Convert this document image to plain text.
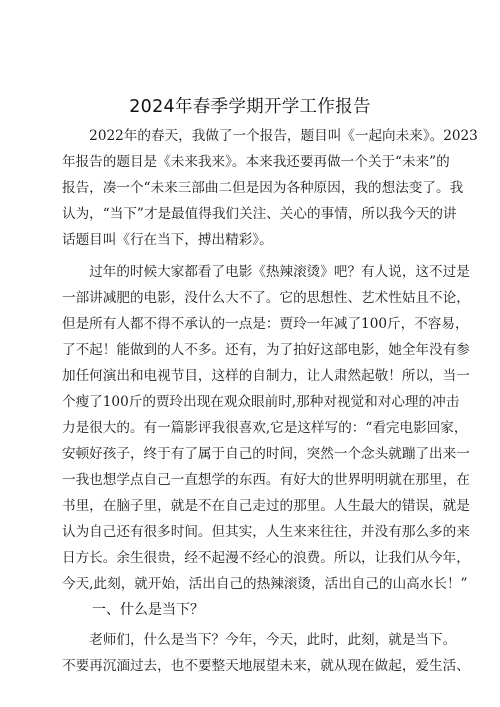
2024年春季学期开学工作报告
　　2022年的春天，我做了一个报告，题目叫《一起向未来》。2023
年报告的题目是《未来我来》。本来我还要再做一个关于“未来”的
报告，凑一个“未来三部曲二但是因为各种原因，我的想法变了。我
认为，“当下”才是最值得我们关注、关心的事情，所以我今天的讲
话题目叫《行在当下，搏出精彩》。
　　过年的时候大家都看了电影《热辣滚烫》吧？有人说，这不过是
一部讲减肥的电影，没什么大不了。它的思想性、艺术性姑且不论，
但是所有人都不得不承认的一点是：贾玲一年减了100斤，不容易，
了不起！能做到的人不多。还有，为了拍好这部电影，她全年没有参
加任何演出和电视节目，这样的自制力，让人肃然起敬！所以，当一
个瘦了100斤的贾玲出现在观众眼前时,那种对视觉和对心理的冲击
力是很大的。有一篇影评我很喜欢,它是这样写的：“看完电影回家，
安顿好孩子，终于有了属于自己的时间，突然一个念头就蹦了出来一
一我也想学点自己一直想学的东西。有好大的世界明明就在那里，在
书里，在脑子里，就是不在自己走过的那里。人生最大的错误，就是
认为自己还有很多时间。但其实，人生来来往往，并没有那么多的来
日方长。余生很贵，经不起漫不经心的浪费。所以，让我们从今年，
今天,此刻，就开始，活出自己的热辣滚烫，活出自己的山高水长！”
一、什么是当下？
　　老师们，什么是当下？今年，今天，此时，此刻，就是当下。
不要再沉湎过去，也不要整天地展望未来，就从现在做起，爱生活、
